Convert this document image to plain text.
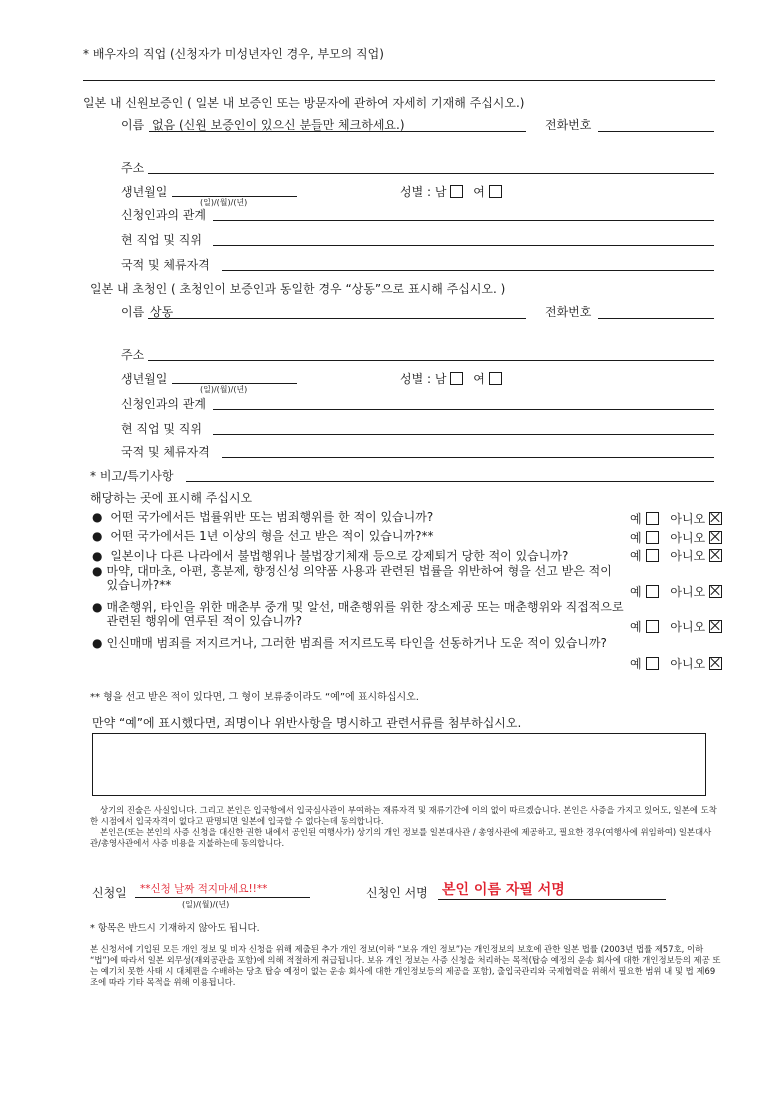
* 배우자의 직업 (신청자가 미성년자인 경우, 부모의 직업)
일본 내 신원보증인 ( 일본 내 보증인 또는 방문자에 관하여 자세히 기재해 주십시오.)
이름 없음 (신원 보증인이 있으신 분들만 체크하세요.)	전화번호
주소
생년월일
(일)/(월)/(년)
성별 : 남 여
신청인과의 관계
현 직업 및 직위
국적 및 체류자격
일본 내 초청인 ( 초청인이 보증인과 동일한 경우 “상동”으로 표시해 주십시오. )
이름 상동	전화번호
주소
생년월일
(일)/(월)/(년)
성별 : 남 여
신청인과의 관계
현 직업 및 직위
국적 및 체류자격
* 비고/특기사항
해당하는 곳에 표시해 주십시오
● 어떤 국가에서든 법률위반 또는 범죄행위를 한 적이 있습니까?	예 아니오
● 어떤 국가에서든 1년 이상의 형을 선고 받은 적이 있습니까?**	예 아니오
● 일본이나 다른 나라에서 불법행위나 불법장기체재 등으로 강제퇴거 당한 적이 있습니까?	예 아니오
● 마약, 대마초, 아편, 흥분제, 향정신성 의약품 사용과 관련된 법률을 위반하여 형을 선고 받은 적이 있습니까?**	예 아니오
● 매춘행위, 타인을 위한 매춘부 중개 및 알선, 매춘행위를 위한 장소제공 또는 매춘행위와 직접적으로관련된 행위에 연루된 적이 있습니까?	예 아니오
● 인신매매 범죄를 저지르거나, 그러한 범죄를 저지르도록 타인을 선동하거나 도운 적이 있습니까?
예 아니오
** 형을 선고 받은 적이 있다면, 그 형이 보류중이라도 “예”에 표시하십시오.
만약 “예”에 표시했다면, 죄명이나 위반사항을 명시하고 관련서류를 첨부하십시오.
상기의 진술은 사실입니다. 그리고 본인은 입국항에서 입국심사관이 부여하는 재류자격 및 재류기간에 이의 없이 따르겠습니다. 본인은 사증을 가지고 있어도, 일본에 도착한 시점에서 입국자격이 없다고 판명되면 일본에 입국할 수 없다는데 동의합니다.
본인은(또는 본인의 사증 신청을 대신한 권한 내에서 공인된 여행사가) 상기의 개인 정보를 일본대사관 / 총영사관에 제공하고, 필요한 경우(여행사에 위임하여) 일본대사관/총영사관에서 사증 비용을 지불하는데 동의합니다.
신청일 **신청 날짜 적지마세요!!**
(일)/(월)/(년)
신청인 서명 본인 이름 자필 서명
* 항목은 반드시 기재하지 않아도 됩니다.
본 신청서에 기입된 모든 개인 정보 및 비자 신청을 위해 제출된 추가 개인 정보(이하 “보유 개인 정보”)는 개인정보의 보호에 관한 일본 법률 (2003년 법률 제57호, 이하 “법”)에 따라서 일본 외무성(재외공관을 포함)에 의해 적절하게 취급됩니다. 보유 개인 정보는 사증 신청을 처리하는 목적(탑승 예정의 운송 회사에 대한 개인정보등의 제공 또는 예기치 못한 사태 시 대체편을 수배하는 당초 탑승 예정이 없는 운송 회사에 대한 개인정보등의 제공을 포함), 출입국관리와 국제협력을 위해서 필요한 범위 내 및 법 제69조에 따라 기타 목적을 위해 이용됩니다.
